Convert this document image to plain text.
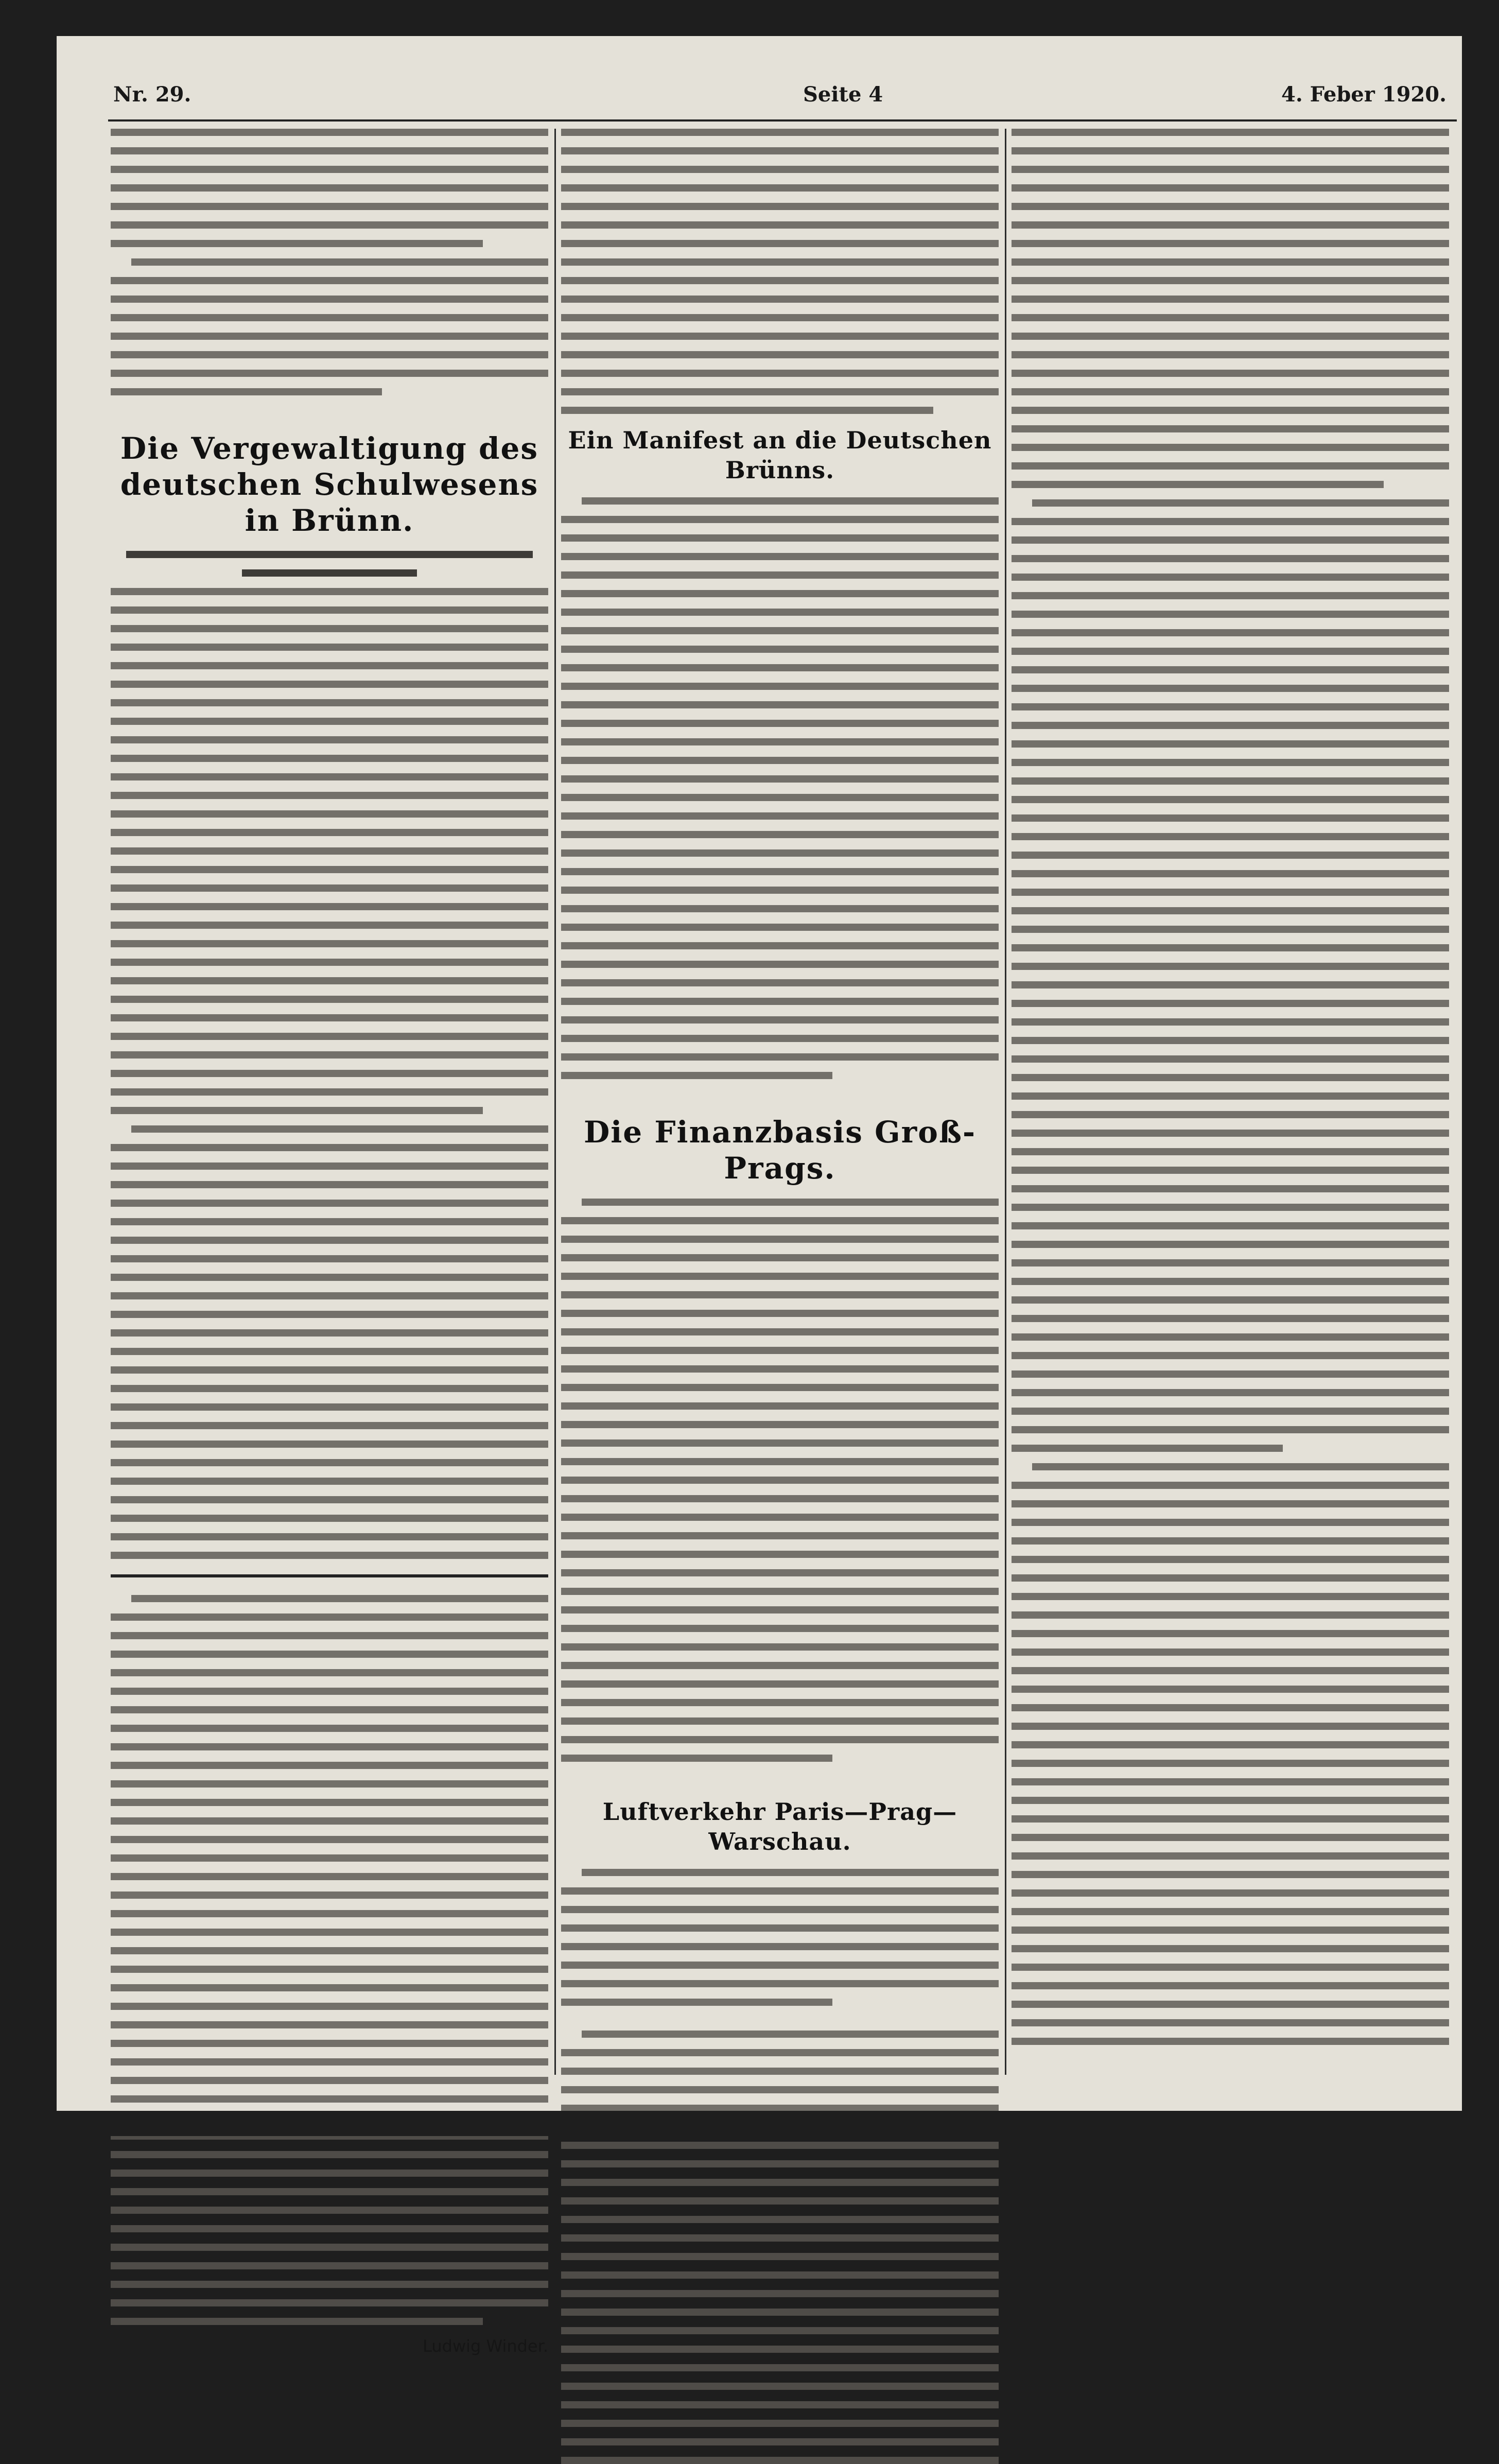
Nr. 29.	Seite 4	4. Feber 1920.
Die Vergewaltigung des deutschen Schulwesens in Brünn.
Ludwig Winder.
Ein Manifest an die Deutschen Brünns.
Die Finanzbasis Groß-Prags.
Luftverkehr Paris—Prag—Warschau.
